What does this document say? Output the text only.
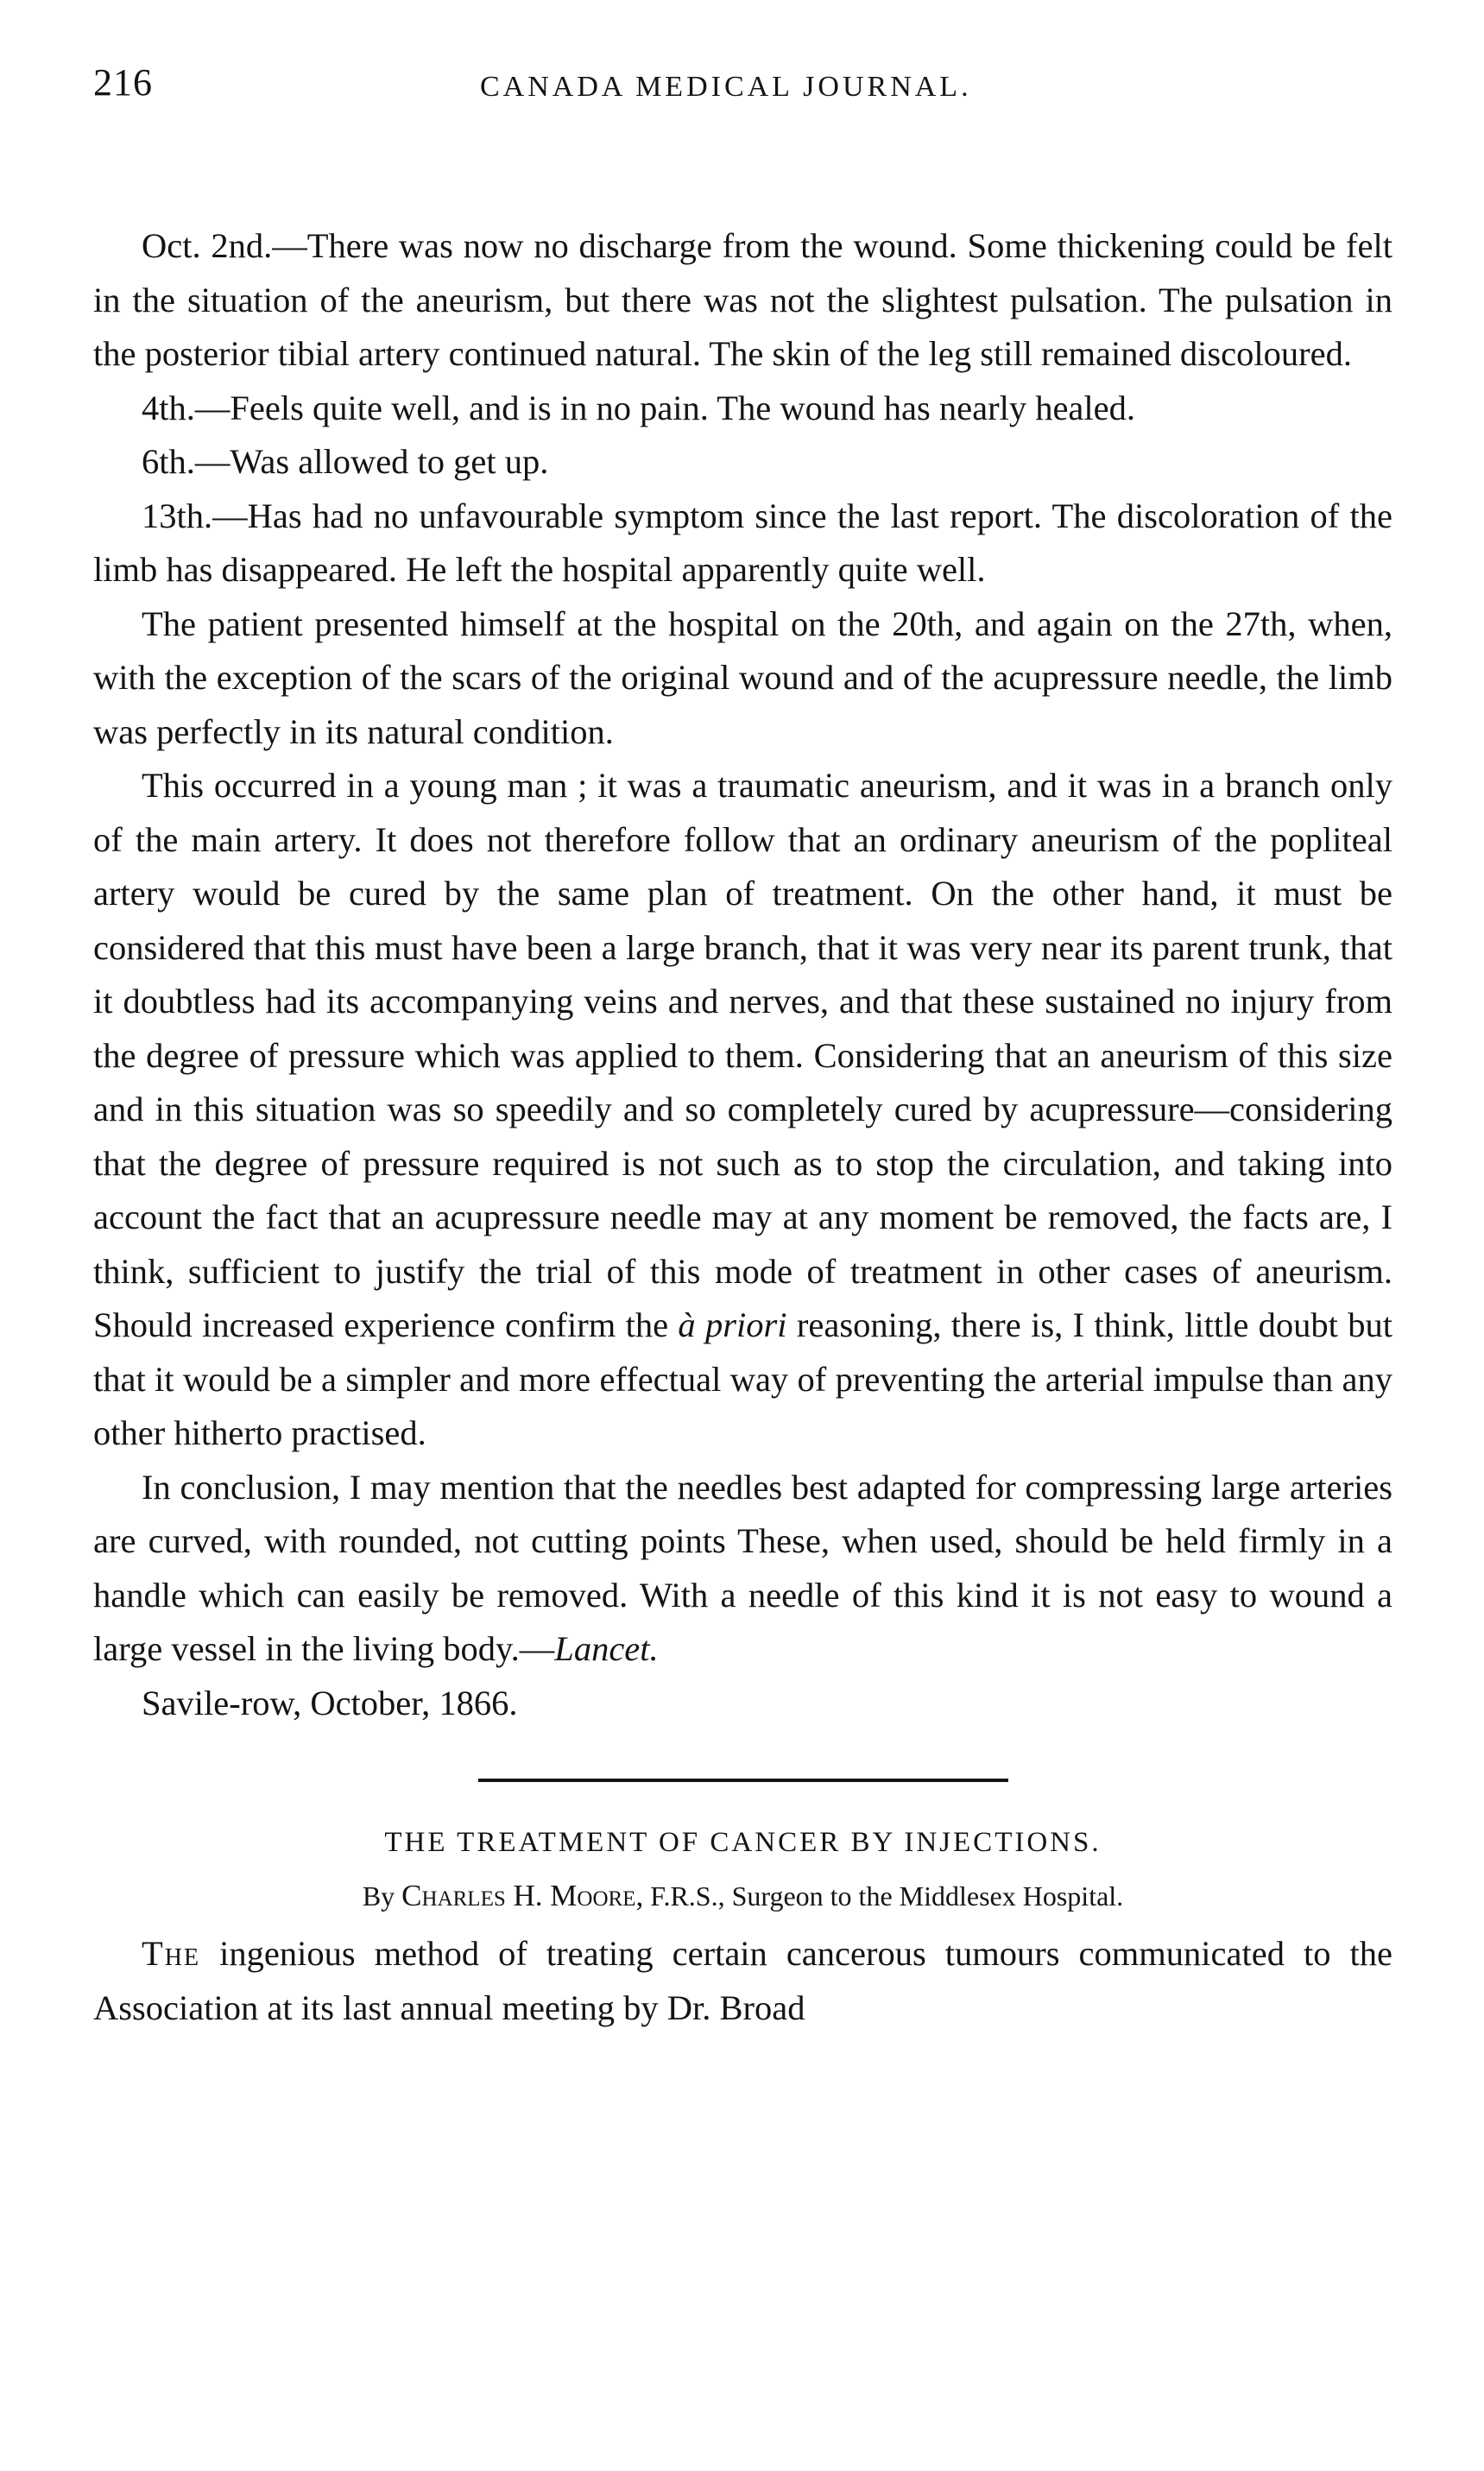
216	CANADA MEDICAL JOURNAL.

Oct. 2nd.—There was now no discharge from the wound. Some thickening could be felt in the situation of the aneurism, but there was not the slightest pulsation. The pulsation in the posterior tibial artery continued natural. The skin of the leg still remained discoloured.

4th.—Feels quite well, and is in no pain. The wound has nearly healed.

6th.—Was allowed to get up.

13th.—Has had no unfavourable symptom since the last report. The discoloration of the limb has disappeared. He left the hospital apparently quite well.

The patient presented himself at the hospital on the 20th, and again on the 27th, when, with the exception of the scars of the original wound and of the acupressure needle, the limb was perfectly in its natural condition.

This occurred in a young man ; it was a traumatic aneurism, and it was in a branch only of the main artery. It does not therefore follow that an ordinary aneurism of the popliteal artery would be cured by the same plan of treatment. On the other hand, it must be considered that this must have been a large branch, that it was very near its parent trunk, that it doubtless had its accompanying veins and nerves, and that these sustained no injury from the degree of pressure which was applied to them. Considering that an aneurism of this size and in this situation was so speedily and so completely cured by acupressure—considering that the degree of pressure required is not such as to stop the circulation, and taking into account the fact that an acupressure needle may at any moment be removed, the facts are, I think, sufficient to justify the trial of this mode of treatment in other cases of aneurism. Should increased experience confirm the à priori reasoning, there is, I think, little doubt but that it would be a simpler and more effectual way of preventing the arterial impulse than any other hitherto practised.

In conclusion, I may mention that the needles best adapted for compressing large arteries are curved, with rounded, not cutting points These, when used, should be held firmly in a handle which can easily be removed. With a needle of this kind it is not easy to wound a large vessel in the living body.—Lancet.

Savile-row, October, 1866.

THE TREATMENT OF CANCER BY INJECTIONS.
By Charles H. Moore, F.R.S., Surgeon to the Middlesex Hospital.

The ingenious method of treating certain cancerous tumours communicated to the Association at its last annual meeting by Dr. Broad
